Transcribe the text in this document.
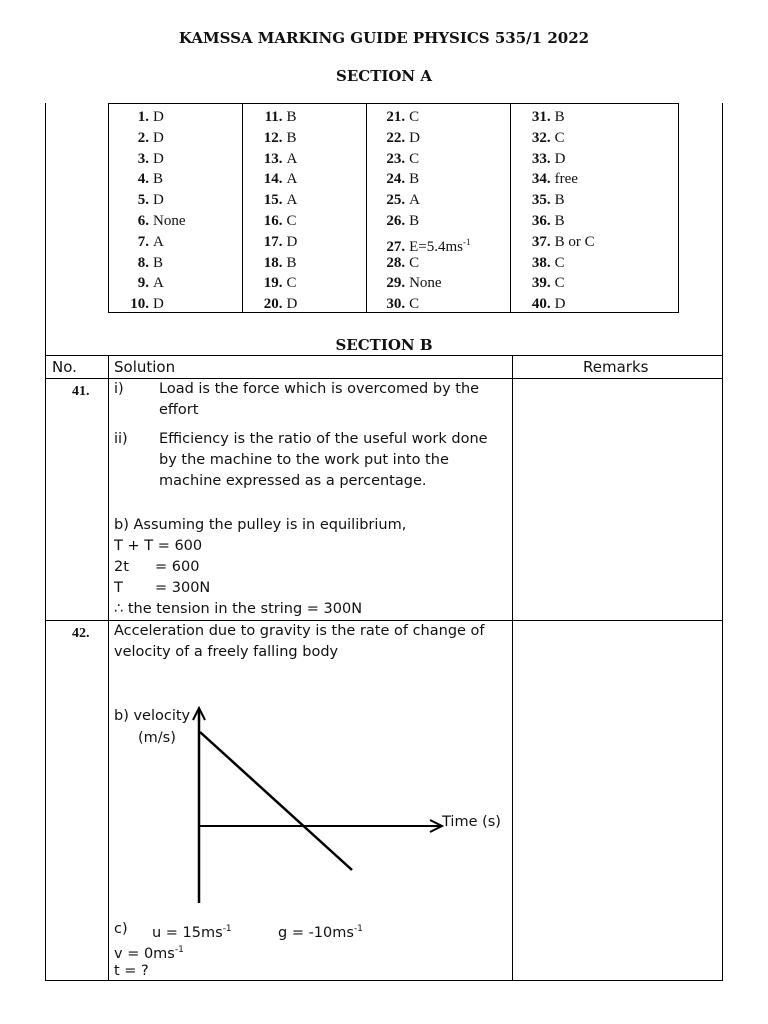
KAMSSA MARKING GUIDE PHYSICS 535/1 2022
SECTION A
1. D
2. D
3. D
4. B
5. D
6. None
7. A
8. B
9. A
10. D
11. B
12. B
13. A
14. A
15. A
16. C
17. D
18. B
19. C
20. D
21. C
22. D
23. C
24. B
25. A
26. B
27. $E=5.4ms^{-1}$
28. C
29. None
30. C
31. B
32. C
33. D
34. free
35. B
36. B
37. B or C
38. C
39. C
40. D
SECTION B
No. Solution	Remarks
41. i) Load is the force which is overcomed by the effort
ii) Efficiency is the ratio of the useful work done by the machine to the work put into the machine expressed as a percentage.
b) Assuming the pulley is in equilibrium,
T + T = 600
2t = 600
T = 300N
∴ the tension in the string = 300N
42. Acceleration due to gravity is the rate of change of velocity of a freely falling body
b) velocity
(m/s)
Time (s)
c) $u = 15ms^{-1}$	$g = -10ms^{-1}$
$v = 0ms^{-1}$
t = ?
